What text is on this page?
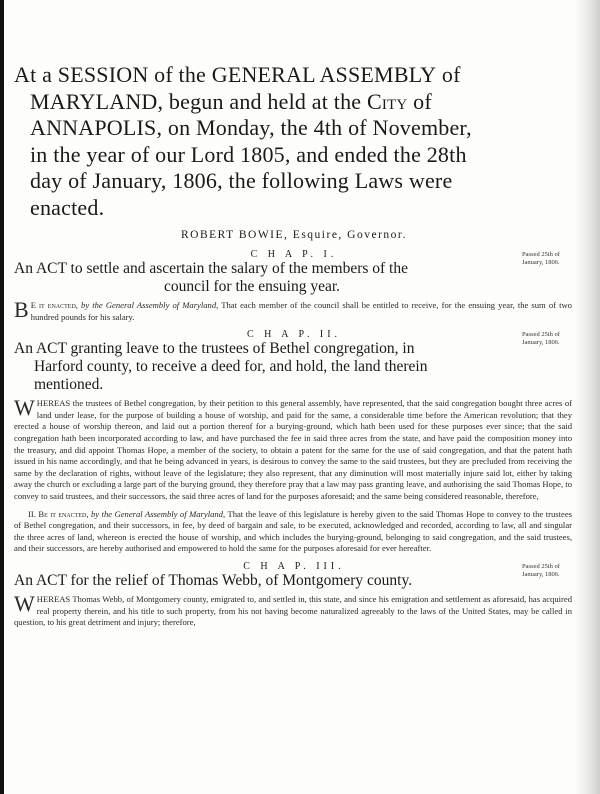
At a SESSION of the GENERAL ASSEMBLY of
MARYLAND, begun and held at the City of
ANNAPOLIS, on Monday, the 4th of November,
in the year of our Lord 1805, and ended the 28th
day of January, 1806, the following Laws were
enacted.
ROBERT BOWIE, Esquire, Governor.
C H A P. I.	Passed 25th of January, 1806.
An ACT to settle and ascertain the salary of the members of the
council for the ensuing year.

B E it enacted, by the General Assembly of Maryland, That each member of the council shall be entitled to receive, for the ensuing year, the sum of two hundred pounds for his salary.

C H A P. II.	Passed 25th of January, 1806.
An ACT granting leave to the trustees of Bethel congregation, in
Harford county, to receive a deed for, and hold, the land therein
mentioned.

WHEREAS the trustees of Bethel congregation, by their petition to this general assembly, have represented, that the said congregation bought three acres of land under lease, for the purpose of building a house of worship, and paid for the same, a considerable time before the American revolution; that they erected a house of worship thereon, and laid out a portion thereof for a burying-ground, which hath been used for these purposes ever since; that the said congregation hath been incorporated according to law, and have purchased the fee in said three acres from the state, and have paid the composition money into the treasury, and did appoint Thomas Hope, a member of the society, to obtain a patent for the same for the use of said congregation, and that the patent hath issued in his name accordingly, and that he being advanced in years, is desirous to convey the same to the said trustees, but they are precluded from receiving the same by the declaration of rights, without leave of the legislature; they also represent, that any diminution will most materially injure said lot, either by taking away the church or excluding a large part of the burying ground, they therefore pray that a law may pass granting leave, and authorising the said Thomas Hope, to convey to said trustees, and their successors, the said three acres of land for the purposes aforesaid; and the same being considered reasonable, therefore,

II. Be it enacted, by the General Assembly of Maryland, That the leave of this legislature is hereby given to the said Thomas Hope to convey to the trustees of Bethel congregation, and their successors, in fee, by deed of bargain and sale, to be executed, acknowledged and recorded, according to law, all and singular the three acres of land, whereon is erected the house of worship, and which includes the burying-ground, belonging to said congregation, and the said trustees, and their successors, are hereby authorised and empowered to hold the same for the purposes aforesaid for ever hereafter.

C H A P. III.	Passed 25th of January, 1806.
An ACT for the relief of Thomas Webb, of Montgomery county.

WHEREAS Thomas Webb, of Montgomery county, emigrated to, and settled in, this state, and since his emigration and settlement as aforesaid, has acquired real property therein, and his title to such property, from his not having become naturalized agreeably to the laws of the United States, may be called in question, to his great detriment and injury; therefore,
